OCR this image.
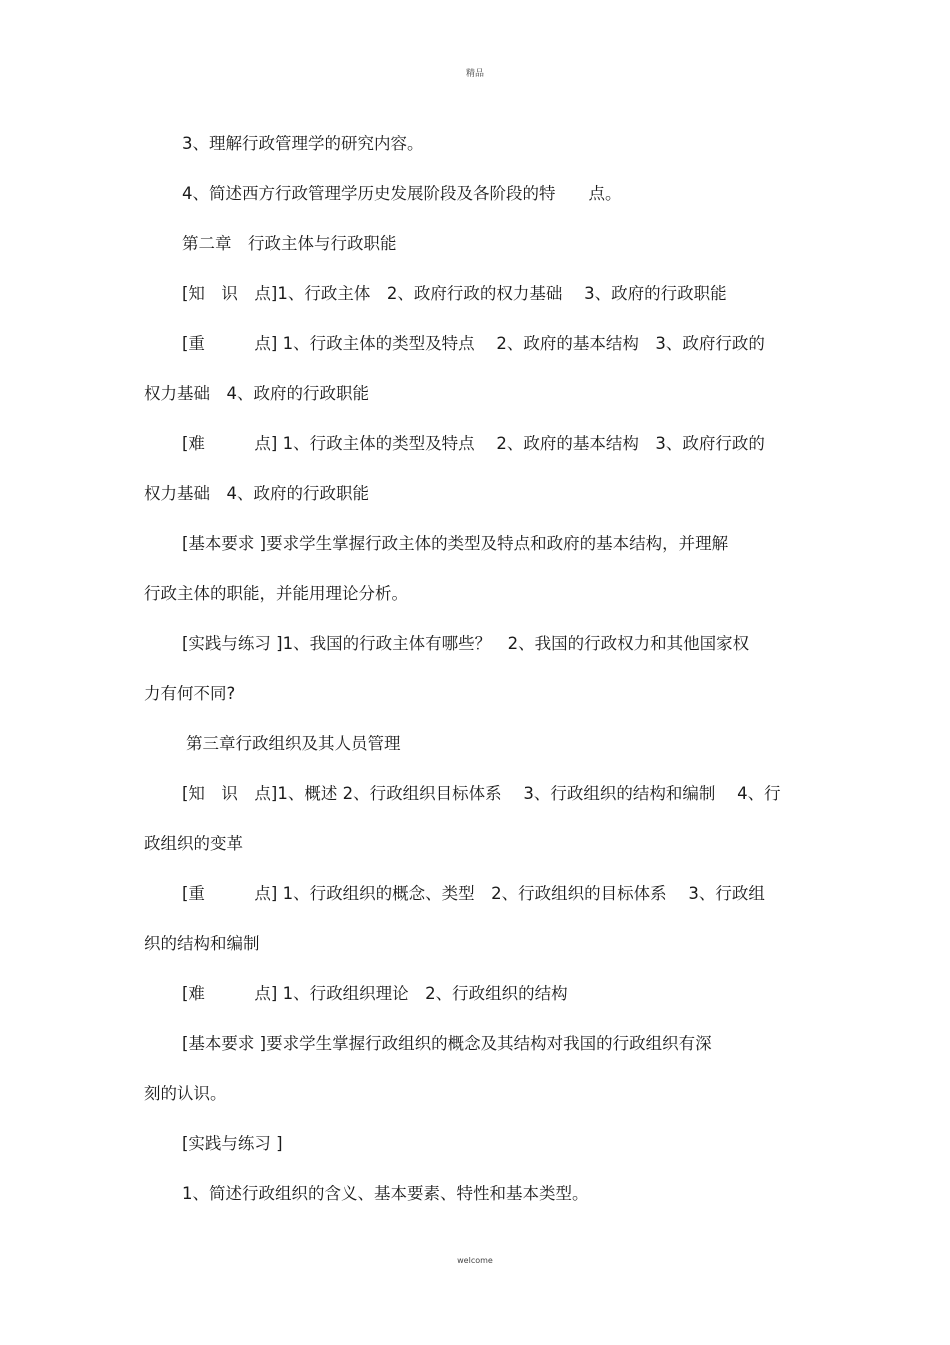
精品
3、理解行政管理学的研究内容。
4、简述西方行政管理学历史发展阶段及各阶段的特　　点。
第二章　行政主体与行政职能
[知　识　点]1、行政主体　2、政府行政的权力基础　 3、政府的行政职能
[重　　　点] 1、行政主体的类型及特点　 2、政府的基本结构　3、政府行政的
权力基础　4、政府的行政职能
[难　　　点] 1、行政主体的类型及特点　 2、政府的基本结构　3、政府行政的
权力基础　4、政府的行政职能
[基本要求 ]要求学生掌握行政主体的类型及特点和政府的基本结构，并理解
行政主体的职能，并能用理论分析。
[实践与练习 ]1、我国的行政主体有哪些？　2、我国的行政权力和其他国家权
力有何不同?
第三章行政组织及其人员管理
[知　识　点]1、概述 2、行政组织目标体系　 3、行政组织的结构和编制　 4、行
政组织的变革
[重　　　点] 1、行政组织的概念、类型　2、行政组织的目标体系　 3、行政组
织的结构和编制
[难　　　点] 1、行政组织理论　2、行政组织的结构
[基本要求 ]要求学生掌握行政组织的概念及其结构对我国的行政组织有深
刻的认识。
[实践与练习 ]
1、简述行政组织的含义、基本要素、特性和基本类型。
welcome
